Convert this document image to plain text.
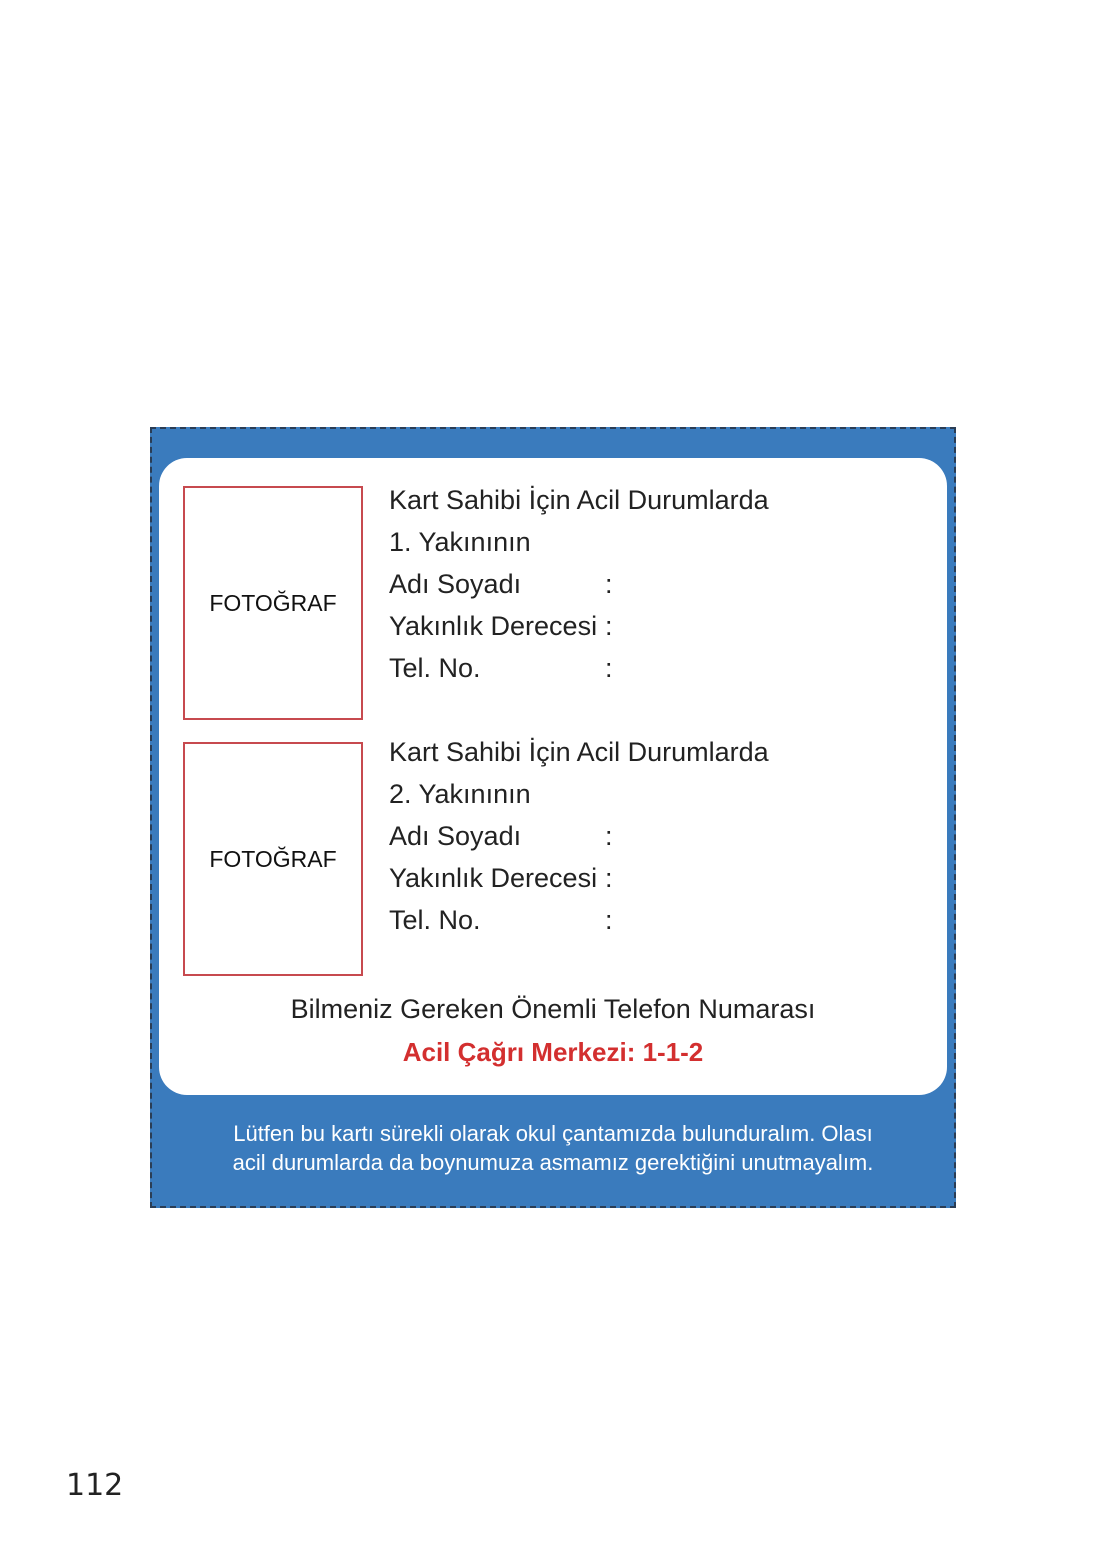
FOTOĞRAF
Kart Sahibi İçin Acil Durumlarda
1. Yakınının
Adı Soyadı	:
Yakınlık Derecesi :
Tel. No.	:
FOTOĞRAF
Kart Sahibi İçin Acil Durumlarda
2. Yakınının
Adı Soyadı	:
Yakınlık Derecesi :
Tel. No.	:
Bilmeniz Gereken Önemli Telefon Numarası
Acil Çağrı Merkezi: 1-1-2
Lütfen bu kartı sürekli olarak okul çantamızda bulunduralım. Olası
acil durumlarda da boynumuza asmamız gerektiğini unutmayalım.
112
